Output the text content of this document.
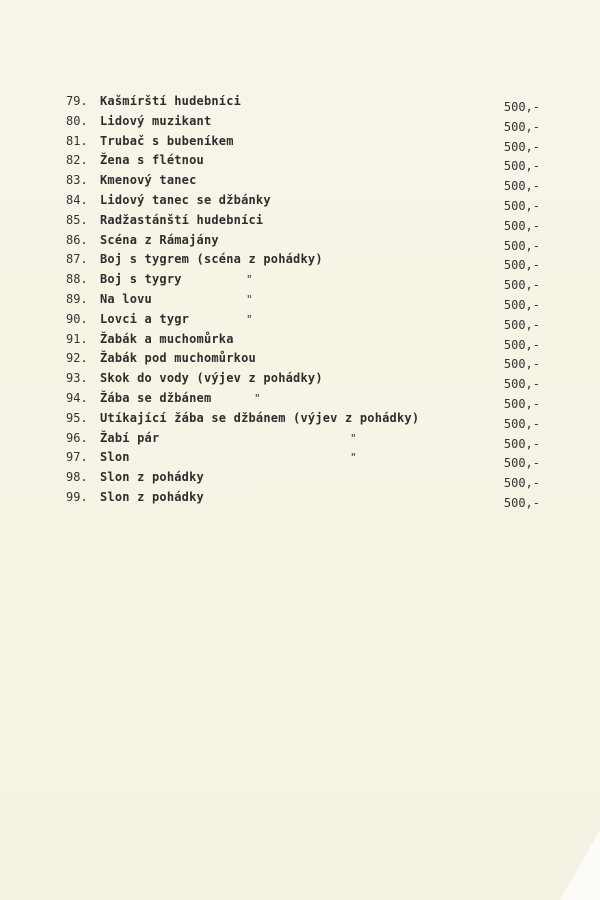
79.	Kašmírští hudebníci	500,-
80.	Lidový muzikant	500,-
81.	Trubač s bubeníkem	500,-
82.	Žena s flétnou	500,-
83.	Kmenový tanec	500,-
84.	Lidový tanec se džbánky	500,-
85.	Radžastánští hudebníci	500,-
86.	Scéna z Rámajány	500,-
87.	Boj s tygrem (scéna z pohádky)	500,-
88.	Boj s tygry	"	500,-
89.	Na lovu	"	500,-
90.	Lovci a tygr	"	500,-
91.	Žabák a muchomůrka	500,-
92.	Žabák pod muchomůrkou	500,-
93.	Skok do vody (výjev z pohádky)	500,-
94.	Žába se džbánem	"	500,-
95.	Utíkající žába se džbánem (výjev z pohádky)	500,-
96.	Žabí pár	"	500,-
97.	Slon	"	500,-
98.	Slon z pohádky	500,-
99.	Slon z pohádky	500,-
